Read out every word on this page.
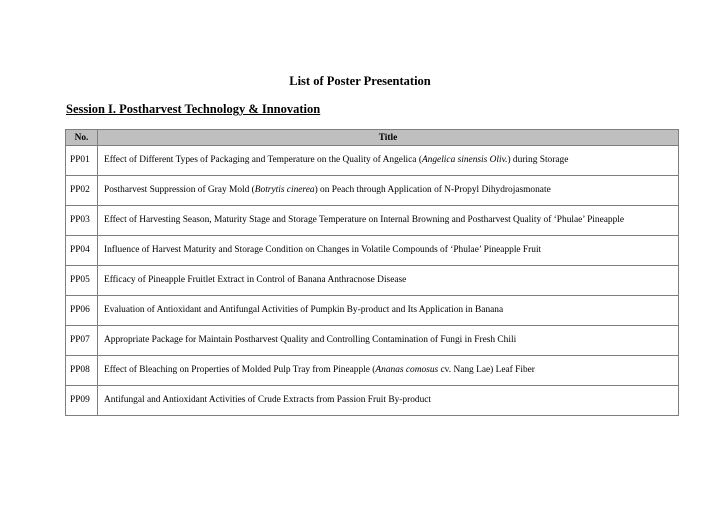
List of Poster Presentation
Session I. Postharvest Technology & Innovation
No.	Title
PP01	Effect of Different Types of Packaging and Temperature on the Quality of Angelica (Angelica sinensis Oliv.) during Storage
PP02	Postharvest Suppression of Gray Mold (Botrytis cinerea) on Peach through Application of N-Propyl Dihydrojasmonate
PP03	Effect of Harvesting Season, Maturity Stage and Storage Temperature on Internal Browning and Postharvest Quality of ‘Phulae’ Pineapple
PP04	Influence of Harvest Maturity and Storage Condition on Changes in Volatile Compounds of ‘Phulae’ Pineapple Fruit
PP05	Efficacy of Pineapple Fruitlet Extract in Control of Banana Anthracnose Disease
PP06	Evaluation of Antioxidant and Antifungal Activities of Pumpkin By-product and Its Application in Banana
PP07	Appropriate Package for Maintain Postharvest Quality and Controlling Contamination of Fungi in Fresh Chili
PP08	Effect of Bleaching on Properties of Molded Pulp Tray from Pineapple (Ananas comosus cv. Nang Lae) Leaf Fiber
PP09	Antifungal and Antioxidant Activities of Crude Extracts from Passion Fruit By-product
